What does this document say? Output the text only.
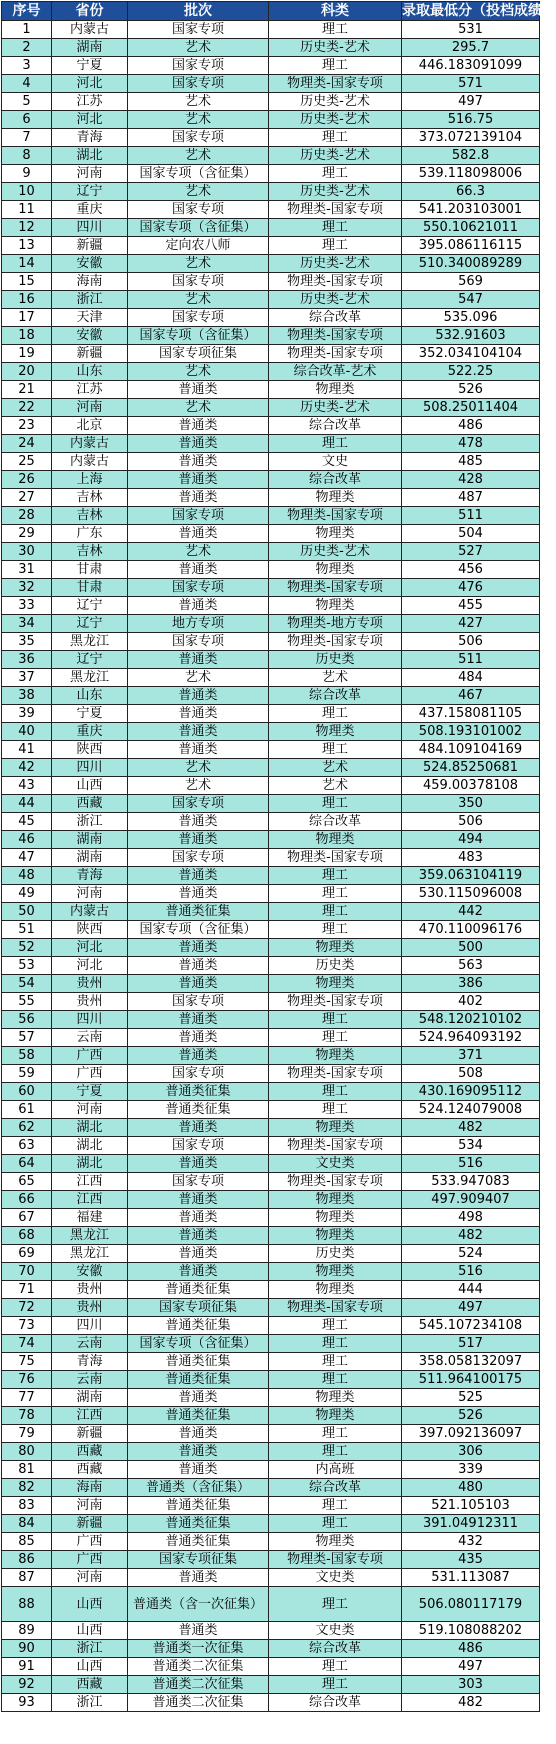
序号	省份	批次	科类	录取最低分（投档成绩）
1	内蒙古	国家专项	理工	531
2	湖南	艺术	历史类-艺术	295.7
3	宁夏	国家专项	理工	446.183091099
4	河北	国家专项	物理类-国家专项	571
5	江苏	艺术	历史类-艺术	497
6	河北	艺术	历史类-艺术	516.75
7	青海	国家专项	理工	373.072139104
8	湖北	艺术	历史类-艺术	582.8
9	河南	国家专项（含征集）	理工	539.118098006
10	辽宁	艺术	历史类-艺术	66.3
11	重庆	国家专项	物理类-国家专项	541.203103001
12	四川	国家专项（含征集）	理工	550.10621011
13	新疆	定向农八师	理工	395.086116115
14	安徽	艺术	历史类-艺术	510.340089289
15	海南	国家专项	物理类-国家专项	569
16	浙江	艺术	历史类-艺术	547
17	天津	国家专项	综合改革	535.096
18	安徽	国家专项（含征集）	物理类-国家专项	532.91603
19	新疆	国家专项征集	物理类-国家专项	352.034104104
20	山东	艺术	综合改革-艺术	522.25
21	江苏	普通类	物理类	526
22	河南	艺术	历史类-艺术	508.25011404
23	北京	普通类	综合改革	486
24	内蒙古	普通类	理工	478
25	内蒙古	普通类	文史	485
26	上海	普通类	综合改革	428
27	吉林	普通类	物理类	487
28	吉林	国家专项	物理类-国家专项	511
29	广东	普通类	物理类	504
30	吉林	艺术	历史类-艺术	527
31	甘肃	普通类	物理类	456
32	甘肃	国家专项	物理类-国家专项	476
33	辽宁	普通类	物理类	455
34	辽宁	地方专项	物理类-地方专项	427
35	黑龙江	国家专项	物理类-国家专项	506
36	辽宁	普通类	历史类	511
37	黑龙江	艺术	艺术	484
38	山东	普通类	综合改革	467
39	宁夏	普通类	理工	437.158081105
40	重庆	普通类	物理类	508.193101002
41	陕西	普通类	理工	484.109104169
42	四川	艺术	艺术	524.85250681
43	山西	艺术	艺术	459.00378108
44	西藏	国家专项	理工	350
45	浙江	普通类	综合改革	506
46	湖南	普通类	物理类	494
47	湖南	国家专项	物理类-国家专项	483
48	青海	普通类	理工	359.063104119
49	河南	普通类	理工	530.115096008
50	内蒙古	普通类征集	理工	442
51	陕西	国家专项（含征集）	理工	470.110096176
52	河北	普通类	物理类	500
53	河北	普通类	历史类	563
54	贵州	普通类	物理类	386
55	贵州	国家专项	物理类-国家专项	402
56	四川	普通类	理工	548.120210102
57	云南	普通类	理工	524.964093192
58	广西	普通类	物理类	371
59	广西	国家专项	物理类-国家专项	508
60	宁夏	普通类征集	理工	430.169095112
61	河南	普通类征集	理工	524.124079008
62	湖北	普通类	物理类	482
63	湖北	国家专项	物理类-国家专项	534
64	湖北	普通类	文史类	516
65	江西	国家专项	物理类-国家专项	533.947083
66	江西	普通类	物理类	497.909407
67	福建	普通类	物理类	498
68	黑龙江	普通类	物理类	482
69	黑龙江	普通类	历史类	524
70	安徽	普通类	物理类	516
71	贵州	普通类征集	物理类	444
72	贵州	国家专项征集	物理类-国家专项	497
73	四川	普通类征集	理工	545.107234108
74	云南	国家专项（含征集）	理工	517
75	青海	普通类征集	理工	358.058132097
76	云南	普通类征集	理工	511.964100175
77	湖南	普通类	物理类	525
78	江西	普通类征集	物理类	526
79	新疆	普通类	理工	397.092136097
80	西藏	普通类	理工	306
81	西藏	普通类	内高班	339
82	海南	普通类（含征集）	综合改革	480
83	河南	普通类征集	理工	521.105103
84	新疆	普通类征集	理工	391.04912311
85	广西	普通类征集	物理类	432
86	广西	国家专项征集	物理类-国家专项	435
87	河南	普通类	文史类	531.113087
88	山西	普通类（含一次征集）	理工	506.080117179
89	山西	普通类	文史类	519.108088202
90	浙江	普通类一次征集	综合改革	486
91	山西	普通类二次征集	理工	497
92	西藏	普通类二次征集	理工	303
93	浙江	普通类二次征集	综合改革	482
